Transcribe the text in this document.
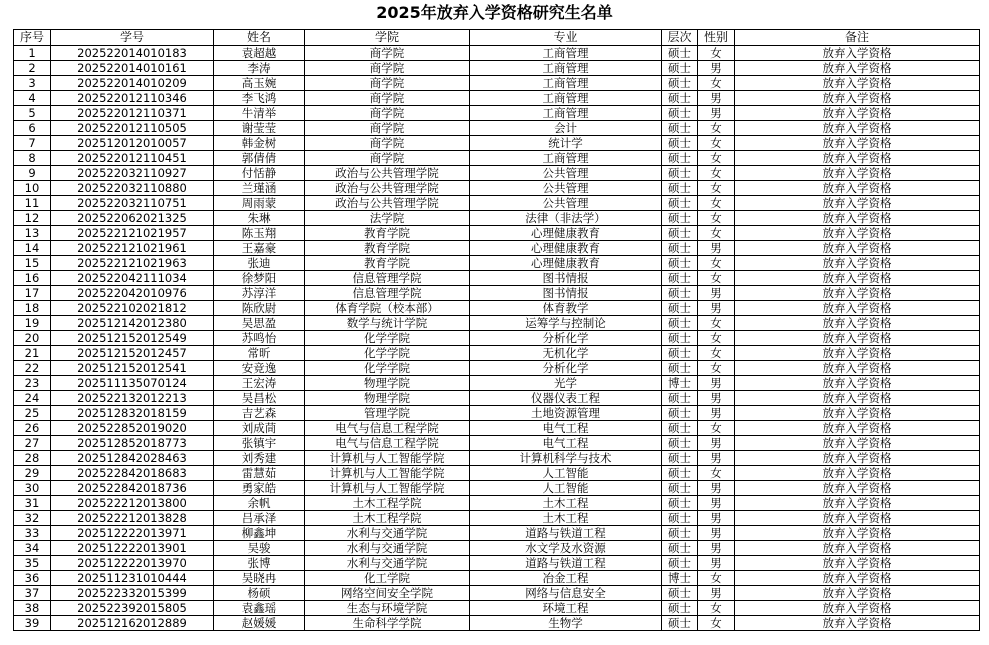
2025年放弃入学资格研究生名单
序号	学号	姓名	学院	专业	层次	性别	备注
1	202522014010183	袁超越	商学院	工商管理	硕士	女	放弃入学资格
2	202522014010161	李涛	商学院	工商管理	硕士	男	放弃入学资格
3	202522014010209	高玉婉	商学院	工商管理	硕士	女	放弃入学资格
4	202522012110346	李飞鸿	商学院	工商管理	硕士	男	放弃入学资格
5	202522012110371	牛清举	商学院	工商管理	硕士	男	放弃入学资格
6	202522012110505	谢莹莹	商学院	会计	硕士	女	放弃入学资格
7	202512012010057	韩金树	商学院	统计学	硕士	女	放弃入学资格
8	202522012110451	郭倩倩	商学院	工商管理	硕士	女	放弃入学资格
9	202522032110927	付恬静	政治与公共管理学院	公共管理	硕士	女	放弃入学资格
10	202522032110880	兰瑾涵	政治与公共管理学院	公共管理	硕士	女	放弃入学资格
11	202522032110751	周雨蒙	政治与公共管理学院	公共管理	硕士	女	放弃入学资格
12	202522062021325	朱琳	法学院	法律（非法学）	硕士	女	放弃入学资格
13	202522121021957	陈玉翔	教育学院	心理健康教育	硕士	女	放弃入学资格
14	202522121021961	王嘉豪	教育学院	心理健康教育	硕士	男	放弃入学资格
15	202522121021963	张迪	教育学院	心理健康教育	硕士	女	放弃入学资格
16	202522042111034	徐梦阳	信息管理学院	图书情报	硕士	女	放弃入学资格
17	202522042010976	苏淳洋	信息管理学院	图书情报	硕士	男	放弃入学资格
18	202522102021812	陈欣尉	体育学院（校本部）	体育教学	硕士	男	放弃入学资格
19	202512142012380	吴思盈	数学与统计学院	运筹学与控制论	硕士	女	放弃入学资格
20	202512152012549	苏鸣怡	化学学院	分析化学	硕士	女	放弃入学资格
21	202512152012457	常昕	化学学院	无机化学	硕士	女	放弃入学资格
22	202512152012541	安竞逸	化学学院	分析化学	硕士	女	放弃入学资格
23	202511135070124	王宏涛	物理学院	光学	博士	男	放弃入学资格
24	202522132012213	吴昌松	物理学院	仪器仪表工程	硕士	男	放弃入学资格
25	202512832018159	吉艺森	管理学院	土地资源管理	硕士	男	放弃入学资格
26	202522852019020	刘成茼	电气与信息工程学院	电气工程	硕士	女	放弃入学资格
27	202512852018773	张镇宇	电气与信息工程学院	电气工程	硕士	男	放弃入学资格
28	202512842028463	刘秀建	计算机与人工智能学院	计算机科学与技术	硕士	男	放弃入学资格
29	202522842018683	雷慧茹	计算机与人工智能学院	人工智能	硕士	女	放弃入学资格
30	202522842018736	勇家皓	计算机与人工智能学院	人工智能	硕士	男	放弃入学资格
31	202522212013800	余帆	土木工程学院	土木工程	硕士	男	放弃入学资格
32	202522212013828	吕承泽	土木工程学院	土木工程	硕士	男	放弃入学资格
33	202512222013971	柳鑫坤	水利与交通学院	道路与铁道工程	硕士	男	放弃入学资格
34	202512222013901	吴骏	水利与交通学院	水文学及水资源	硕士	男	放弃入学资格
35	202512222013970	张博	水利与交通学院	道路与铁道工程	硕士	男	放弃入学资格
36	202511231010444	吴晓冉	化工学院	冶金工程	博士	女	放弃入学资格
37	202522332015399	杨硕	网络空间安全学院	网络与信息安全	硕士	男	放弃入学资格
38	202522392015805	袁鑫瑶	生态与环境学院	环境工程	硕士	女	放弃入学资格
39	202512162012889	赵媛媛	生命科学学院	生物学	硕士	女	放弃入学资格
